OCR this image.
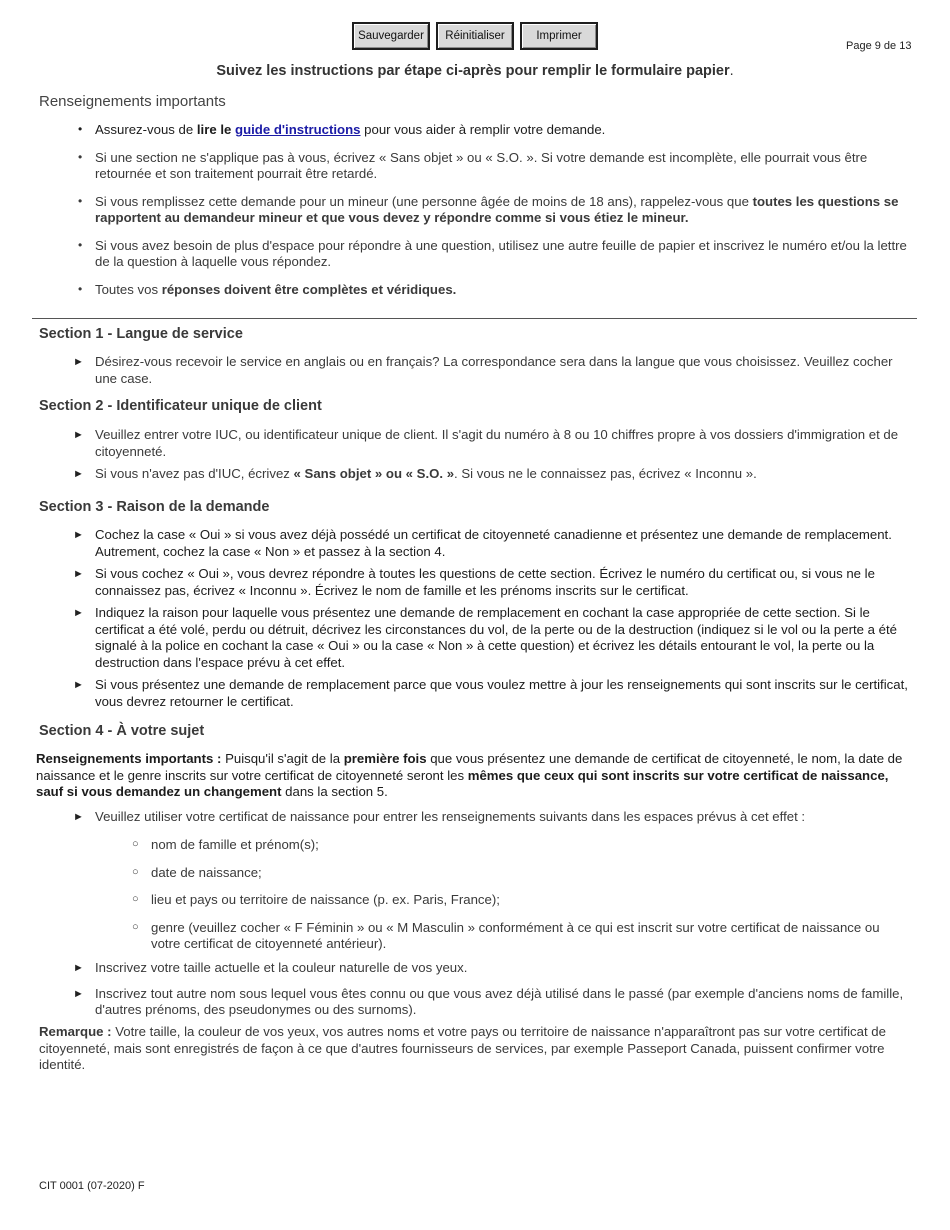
Sauvegarder	Réinitialiser	Imprimer
Page 9 de 13
Suivez les instructions par étape ci-après pour remplir le formulaire papier.
Renseignements importants
• Assurez-vous de lire le guide d'instructions pour vous aider à remplir votre demande.
• Si une section ne s'applique pas à vous, écrivez « Sans objet » ou « S.O. ». Si votre demande est incomplète, elle pourrait vous être retournée et son traitement pourrait être retardé.
• Si vous remplissez cette demande pour un mineur (une personne âgée de moins de 18 ans), rappelez-vous que toutes les questions se rapportent au demandeur mineur et que vous devez y répondre comme si vous étiez le mineur.
• Si vous avez besoin de plus d'espace pour répondre à une question, utilisez une autre feuille de papier et inscrivez le numéro et/ou la lettre de la question à laquelle vous répondez.
• Toutes vos réponses doivent être complètes et véridiques.
Section 1 - Langue de service
► Désirez-vous recevoir le service en anglais ou en français? La correspondance sera dans la langue que vous choisissez. Veuillez cocher une case.
Section 2 - Identificateur unique de client
► Veuillez entrer votre IUC, ou identificateur unique de client. Il s'agit du numéro à 8 ou 10 chiffres propre à vos dossiers d'immigration et de citoyenneté.
► Si vous n'avez pas d'IUC, écrivez « Sans objet » ou « S.O. ». Si vous ne le connaissez pas, écrivez « Inconnu ».
Section 3 - Raison de la demande
► Cochez la case « Oui » si vous avez déjà possédé un certificat de citoyenneté canadienne et présentez une demande de remplacement. Autrement, cochez la case « Non » et passez à la section 4.
► Si vous cochez « Oui », vous devrez répondre à toutes les questions de cette section. Écrivez le numéro du certificat ou, si vous ne le connaissez pas, écrivez « Inconnu ». Écrivez le nom de famille et les prénoms inscrits sur le certificat.
► Indiquez la raison pour laquelle vous présentez une demande de remplacement en cochant la case appropriée de cette section. Si le certificat a été volé, perdu ou détruit, décrivez les circonstances du vol, de la perte ou de la destruction (indiquez si le vol ou la perte a été signalé à la police en cochant la case « Oui » ou la case « Non » à cette question) et écrivez les détails entourant le vol, la perte ou la destruction dans l'espace prévu à cet effet.
► Si vous présentez une demande de remplacement parce que vous voulez mettre à jour les renseignements qui sont inscrits sur le certificat, vous devrez retourner le certificat.
Section 4 - À votre sujet
Renseignements importants : Puisqu'il s'agit de la première fois que vous présentez une demande de certificat de citoyenneté, le nom, la date de naissance et le genre inscrits sur votre certificat de citoyenneté seront les mêmes que ceux qui sont inscrits sur votre certificat de naissance, sauf si vous demandez un changement dans la section 5.
► Veuillez utiliser votre certificat de naissance pour entrer les renseignements suivants dans les espaces prévus à cet effet :
○ nom de famille et prénom(s);
○ date de naissance;
○ lieu et pays ou territoire de naissance (p. ex. Paris, France);
○ genre (veuillez cocher « F Féminin » ou « M Masculin » conformément à ce qui est inscrit sur votre certificat de naissance ou votre certificat de citoyenneté antérieur).
► Inscrivez votre taille actuelle et la couleur naturelle de vos yeux.
► Inscrivez tout autre nom sous lequel vous êtes connu ou que vous avez déjà utilisé dans le passé (par exemple d'anciens noms de famille, d'autres prénoms, des pseudonymes ou des surnoms).
Remarque : Votre taille, la couleur de vos yeux, vos autres noms et votre pays ou territoire de naissance n'apparaîtront pas sur votre certificat de citoyenneté, mais sont enregistrés de façon à ce que d'autres fournisseurs de services, par exemple Passeport Canada, puissent confirmer votre identité.
CIT 0001 (07-2020) F
